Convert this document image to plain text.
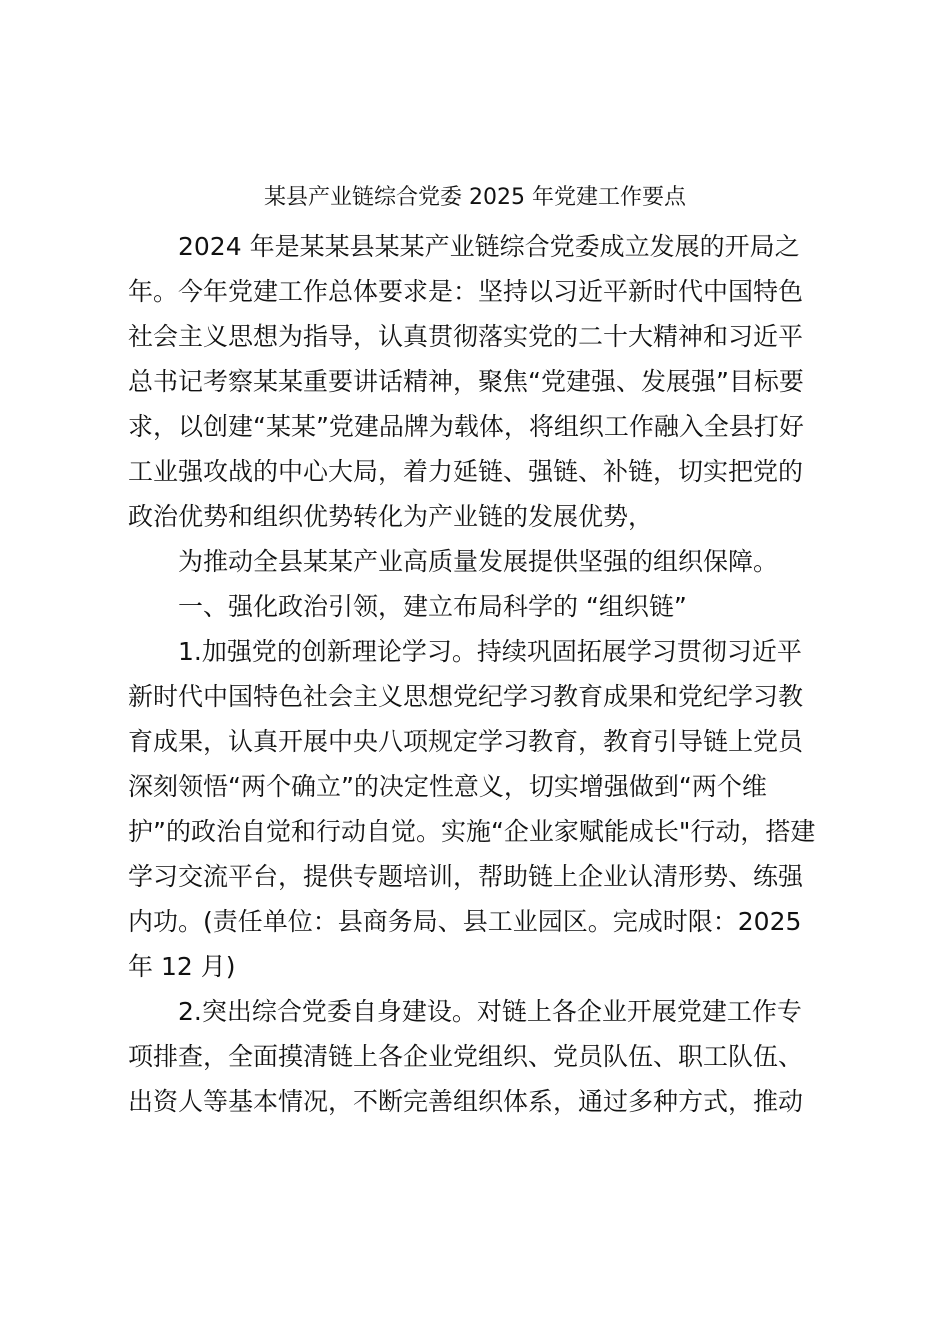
某县产业链综合党委 2025 年党建工作要点
2024 年是某某县某某产业链综合党委成立发展的开局之
年。今年党建工作总体要求是：坚持以习近平新时代中国特色
社会主义思想为指导，认真贯彻落实党的二十大精神和习近平
总书记考察某某重要讲话精神，聚焦“党建强、发展强”目标要
求，以创建“某某”党建品牌为载体，将组织工作融入全县打好
工业强攻战的中心大局，着力延链、强链、补链，切实把党的
政治优势和组织优势转化为产业链的发展优势，
为推动全县某某产业高质量发展提供坚强的组织保障。
一、强化政治引领，建立布局科学的 “组织链”
1.加强党的创新理论学习。持续巩固拓展学习贯彻习近平
新时代中国特色社会主义思想党纪学习教育成果和党纪学习教
育成果，认真开展中央八项规定学习教育，教育引导链上党员
深刻领悟“两个确立”的决定性意义，切实增强做到“两个维
护”的政治自觉和行动自觉。实施“企业家赋能成长"行动，搭建
学习交流平台，提供专题培训，帮助链上企业认清形势、练强
内功。(责任单位：县商务局、县工业园区。完成时限：2025
年 12 月)
2.突出综合党委自身建设。对链上各企业开展党建工作专
项排查，全面摸清链上各企业党组织、党员队伍、职工队伍、
出资人等基本情况，不断完善组织体系，通过多种方式，推动
